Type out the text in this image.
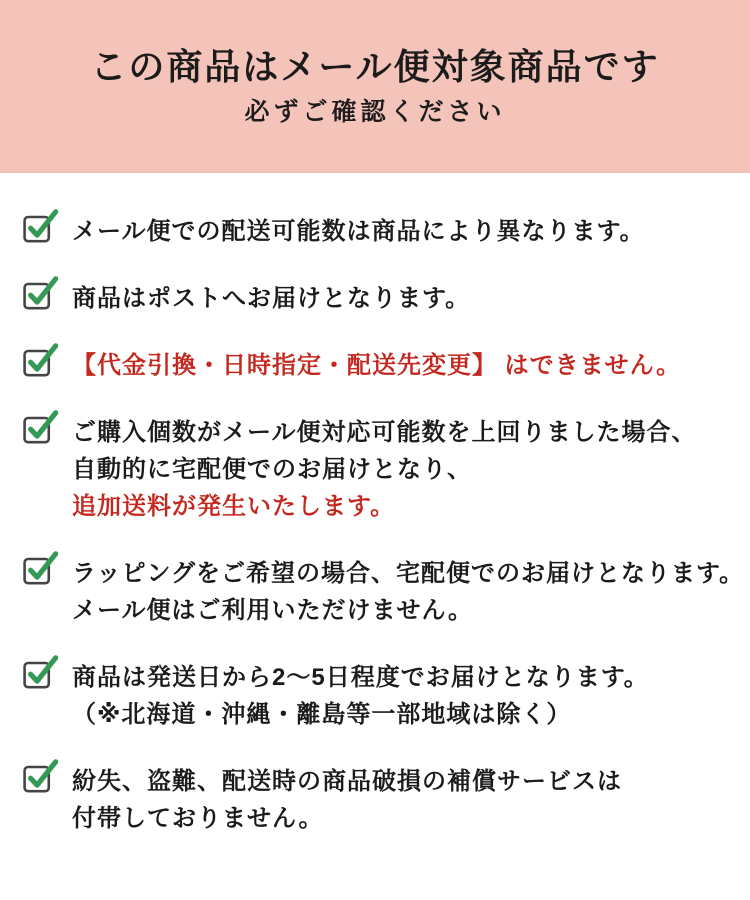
この商品はメール便対象商品です
必ずご確認ください
メール便での配送可能数は商品により異なります。
商品はポストへお届けとなります。
【代金引換・日時指定・配送先変更】 はできません。
ご購入個数がメール便対応可能数を上回りました場合、
自動的に宅配便でのお届けとなり、
追加送料が発生いたします。
ラッピングをご希望の場合、宅配便でのお届けとなります。
メール便はご利用いただけません。
商品は発送日から2〜5日程度でお届けとなります。
（※北海道・沖縄・離島等一部地域は除く）
紛失、盗難、配送時の商品破損の補償サービスは
付帯しておりません。
